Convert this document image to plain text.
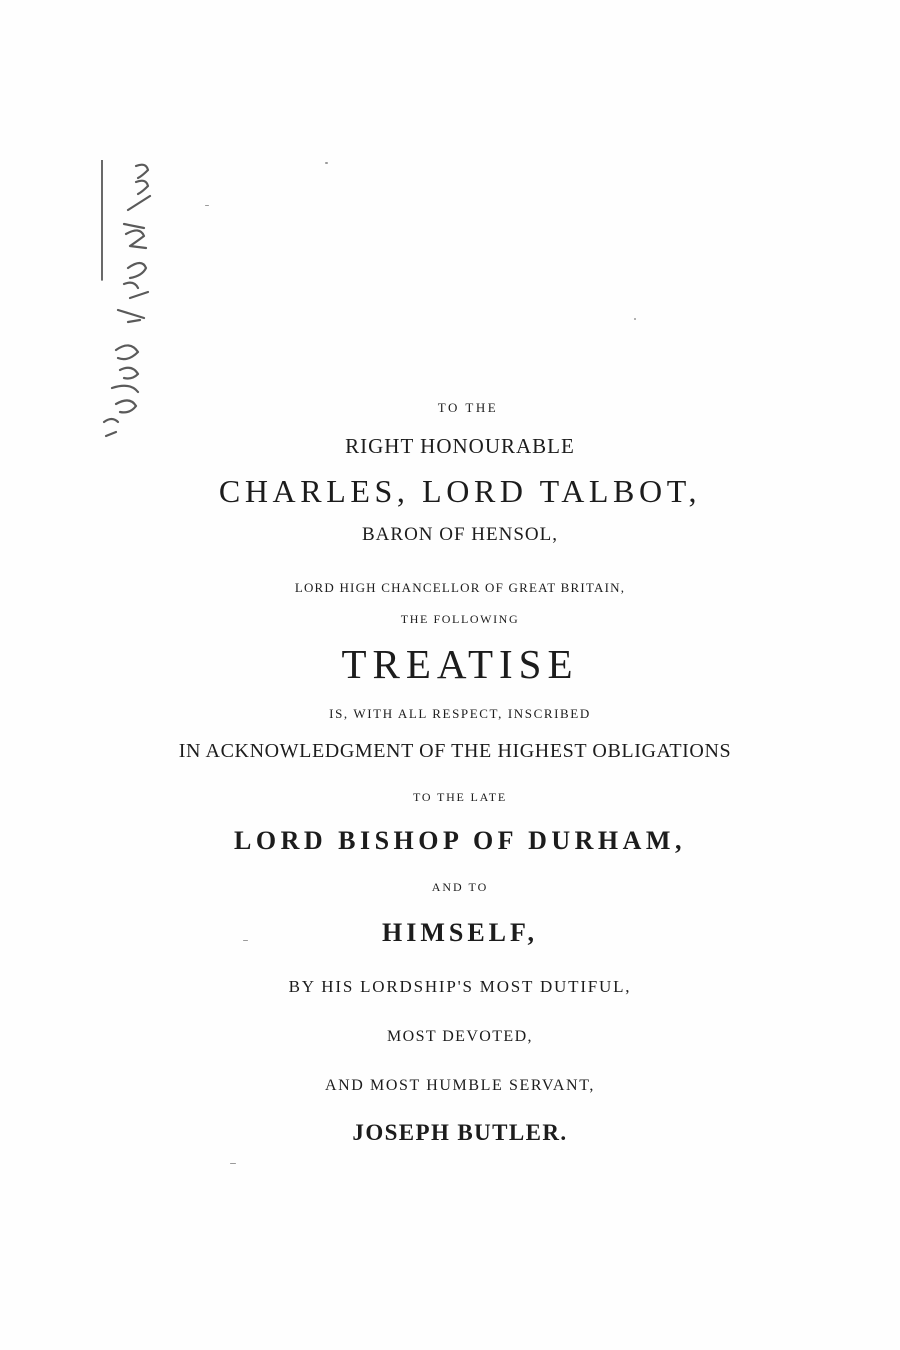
TO THE
RIGHT HONOURABLE
CHARLES, LORD TALBOT,
BARON OF HENSOL,
LORD HIGH CHANCELLOR OF GREAT BRITAIN,
THE FOLLOWING
TREATISE
IS, WITH ALL RESPECT, INSCRIBED
IN ACKNOWLEDGMENT OF THE HIGHEST OBLIGATIONS
TO THE LATE
LORD BISHOP OF DURHAM,
AND TO
HIMSELF,
BY HIS LORDSHIP'S MOST DUTIFUL,
MOST DEVOTED,
AND MOST HUMBLE SERVANT,
JOSEPH BUTLER.
